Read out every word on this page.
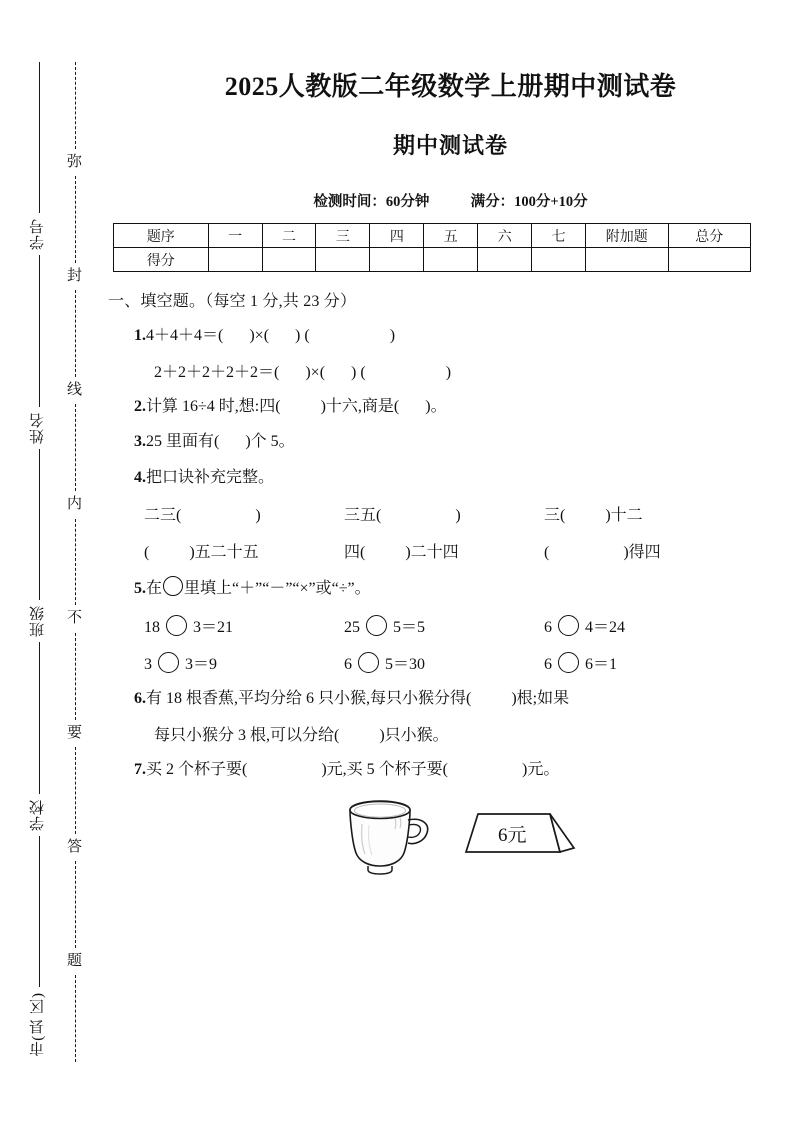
学号
姓名
班级
学校
市(县 区)
弥
封
线
内
不
要
答
题
2025人教版二年级数学上册期中测试卷
期中测试卷
检测时间：60分钟	满分：100分+10分
题序	一	二	三	四	五	六	七	附加题	总分
得分									
一、填空题。（每空 1 分,共 23 分）
1.4＋4＋4＝( )×( ) (	)
2＋2＋2＋2＋2＝( )×( ) (	)
2.计算 16÷4 时,想:四(	)十六,商是( )。
3.25 里面有( )个 5。
4.把口诀补充完整。
二三(	)	三五(	)	三(	)十二
(	)五二十五	四(	)二十四	(	)得四
5.在 里填上“＋”“－”“×”或“÷”。
18 3＝21	25 5＝5	6 4＝24
3 3＝9	6 5＝30	6 6＝1
6.有 18 根香蕉,平均分给 6 只小猴,每只小猴分得(	)根;如果
每只小猴分 3 根,可以分给(	)只小猴。
7.买 2 个杯子要(	)元,买 5 个杯子要(	)元。
6元
